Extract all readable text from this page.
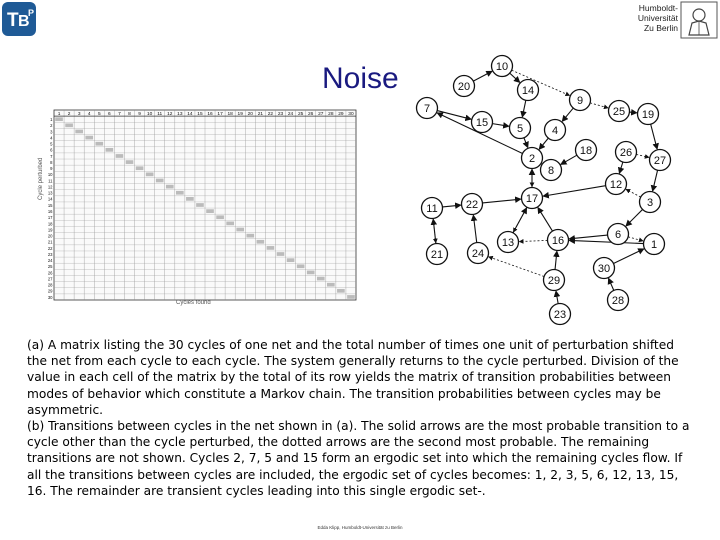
T B
P	Humboldt-
Universität
Zu Berlin
Noise
1
1
2
2
3
3
4
4
5
5
6
6
7
7
8
8
9
9
10
10
11
11
12
12
13
13
14
14
15
15
16
16
17
17
18
18
19
19
20
20
21
21
22
22
23
23
24
24
25
25
26
26
27
27
28
28
29
29
30
30
Cycle perturbed
Cycles found
1
2
3
4
5
6
7
8
9
10
11
12
13
14
15
16
17
18
19
20
21
22
23
24
25
26
27
28
29
30

(a) A matrix listing the 30 cycles of one net and the total number of times one unit of perturbation shifted the net from each cycle to each cycle. The system generally returns to the cycle perturbed. Division of the value in each cell of the matrix by the total of its row yields the matrix of transition probabilities between modes of behavior which constitute a Markov chain. The transition probabilities between cycles may be asymmetric.

(b) Transitions between cycles in the net shown in (a). The solid arrows are the most probable transition to a cycle other than the cycle perturbed, the dotted arrows are the second most probable. The remaining transitions are not shown. Cycles 2, 7, 5 and 15 form an ergodic set into which the remaining cycles flow. If all the transitions between cycles are included, the ergodic set of cycles becomes: 1, 2, 3, 5, 6, 12, 13, 15, 16. The remainder are transient cycles leading into this single ergodic set-.

Edda Klipp, Humboldt-Universität zu Berlin
